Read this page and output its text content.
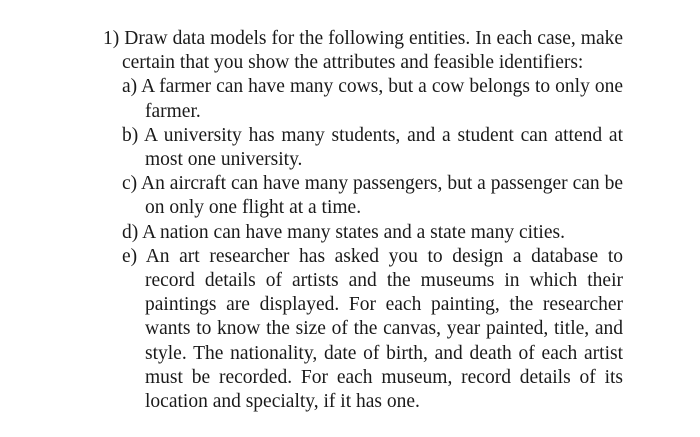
1) Draw data models for the following entities. In each case, make certain that you show the attributes and feasible identifiers:

a) A farmer can have many cows, but a cow belongs to only one farmer.
b) A university has many students, and a student can attend at most one university.
c) An aircraft can have many passengers, but a passenger can be on only one flight at a time.
d) A nation can have many states and a state many cities.
e) An art researcher has asked you to design a database to record details of artists and the museums in which their paintings are displayed. For each painting, the researcher wants to know the size of the canvas, year painted, title, and style. The nationality, date of birth, and death of each artist must be recorded. For each museum, record details of its location and specialty, if it has one.
